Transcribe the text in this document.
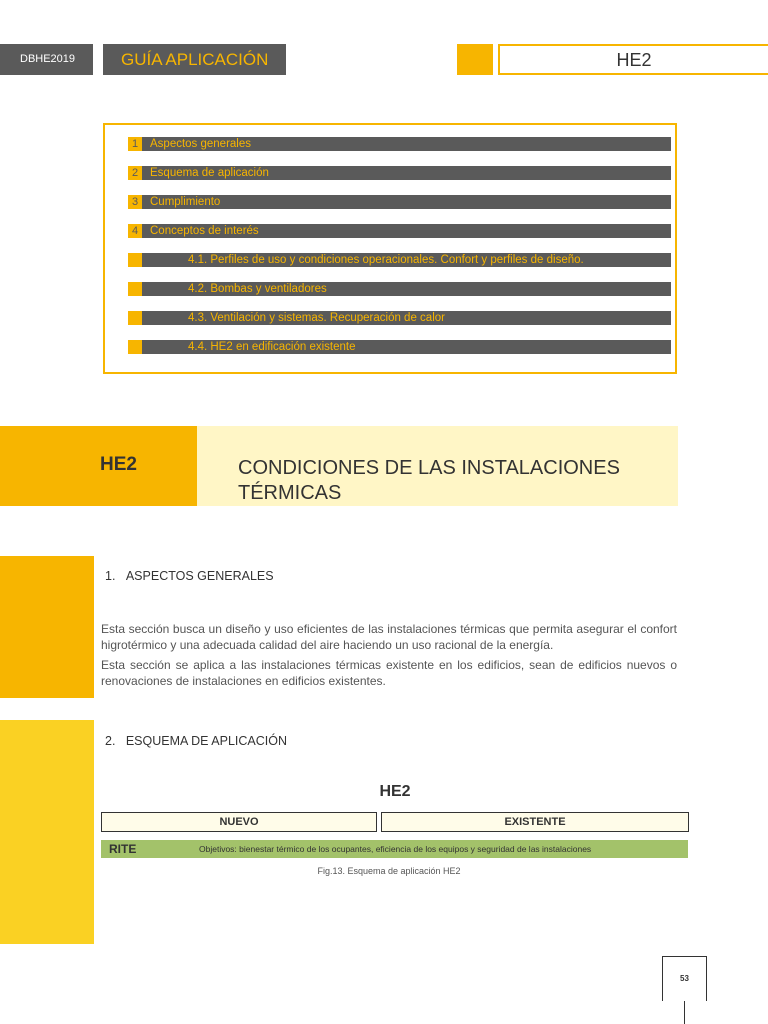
DBHE2019	GUÍA APLICACIÓN	HE2
1	Aspectos generales
2	Esquema de aplicación
3	Cumplimiento
4	Conceptos de interés
4.1. Perfiles de uso y condiciones operacionales. Confort y perfiles de diseño.
4.2. Bombas y ventiladores
4.3. Ventilación y sistemas. Recuperación de calor
4.4. HE2 en edificación existente
HE2	CONDICIONES DE LAS INSTALACIONES TÉRMICAS
1.   ASPECTOS GENERALES
Esta sección busca un diseño y uso eficientes de las instalaciones térmicas que permita asegurar el confort higrotérmico y una adecuada calidad del aire haciendo un uso racional de la energía.
Esta sección se aplica a las instalaciones térmicas existente en los edificios, sean de edificios nuevos o renovaciones de instalaciones en edificios existentes.
2.   ESQUEMA DE APLICACIÓN
HE2
NUEVO	EXISTENTE
RITE	Objetivos: bienestar térmico de los ocupantes, eficiencia de los equipos y seguridad de las instalaciones
Fig.13. Esquema de aplicación HE2
53
